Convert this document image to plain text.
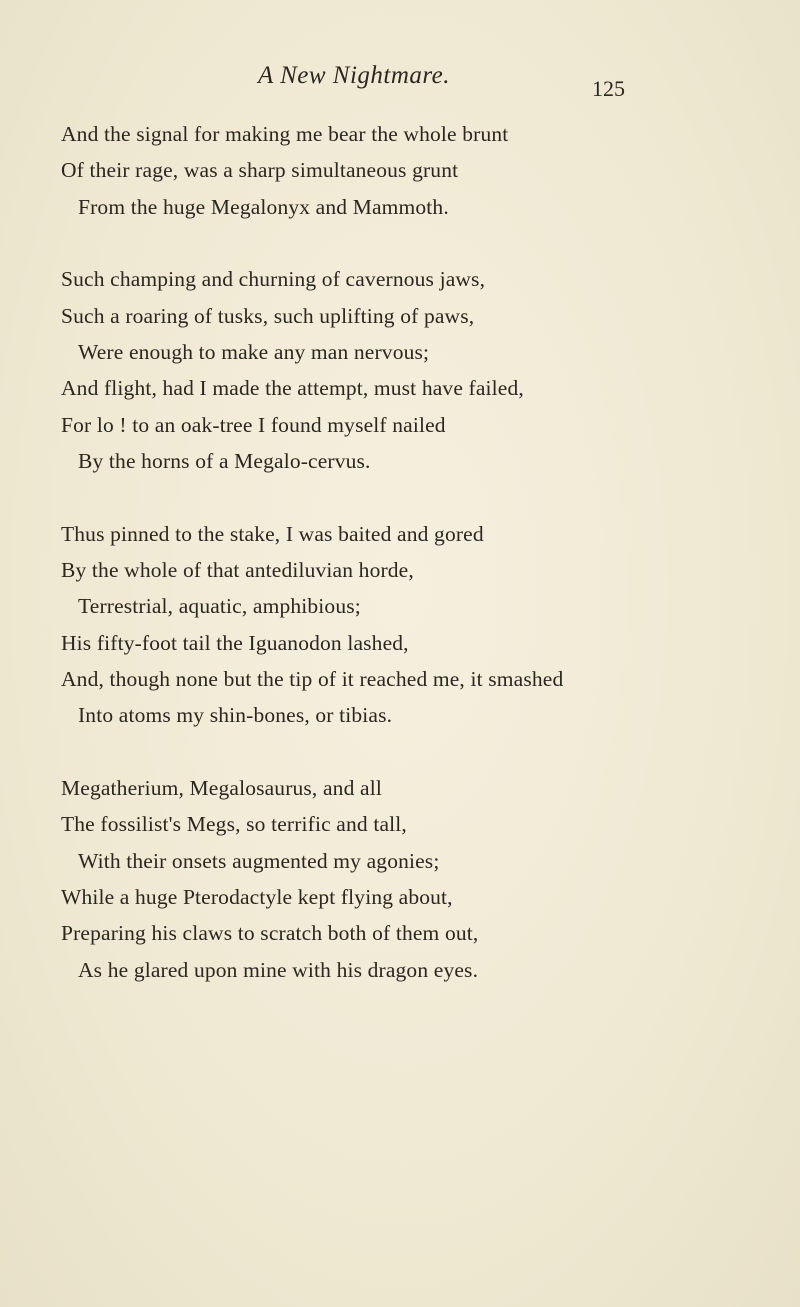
A New Nightmare.	125
And the signal for making me bear the whole brunt
Of their rage, was a sharp simultaneous grunt
From the huge Megalonyx and Mammoth.
Such champing and churning of cavernous jaws,
Such a roaring of tusks, such uplifting of paws,
Were enough to make any man nervous;
And flight, had I made the attempt, must have failed,
For lo ! to an oak-tree I found myself nailed
By the horns of a Megalo-cervus.
Thus pinned to the stake, I was baited and gored
By the whole of that antediluvian horde,
Terrestrial, aquatic, amphibious;
His fifty-foot tail the Iguanodon lashed,
And, though none but the tip of it reached me, it smashed
Into atoms my shin-bones, or tibias.
Megatherium, Megalosaurus, and all
The fossilist's Megs, so terrific and tall,
With their onsets augmented my agonies;
While a huge Pterodactyle kept flying about,
Preparing his claws to scratch both of them out,
As he glared upon mine with his dragon eyes.
